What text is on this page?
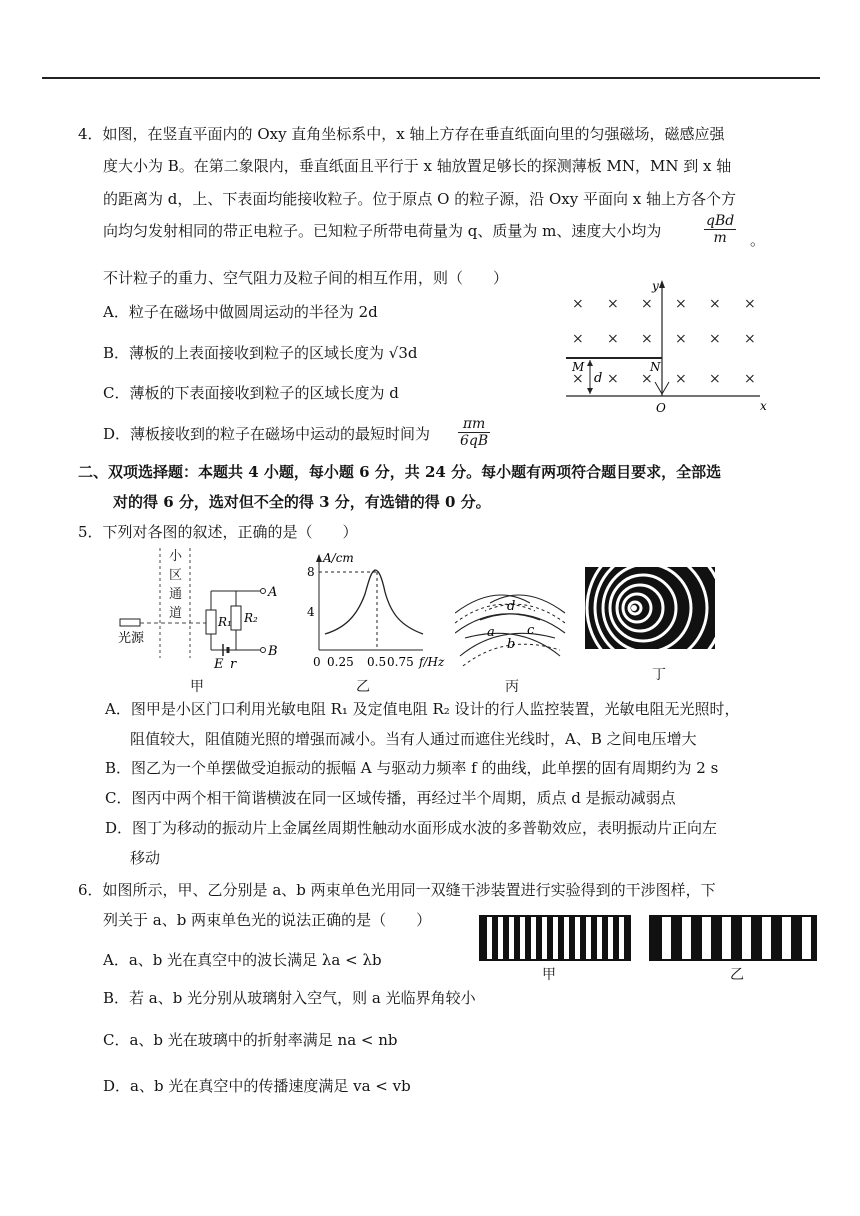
4．如图，在竖直平面内的 Oxy 直角坐标系中，x 轴上方存在垂直纸面向里的匀强磁场，磁感应强
度大小为 B。在第二象限内，垂直纸面且平行于 x 轴放置足够长的探测薄板 MN，MN 到 x 轴
的距离为 d，上、下表面均能接收粒子。位于原点 O 的粒子源，沿 Oxy 平面向 x 轴上方各个方
向均匀发射相同的带正电粒子。已知粒子所带电荷量为 q、质量为 m、速度大小均为
qBd
m	。
不计粒子的重力、空气阻力及粒子间的相互作用，则（　　）
A．粒子在磁场中做圆周运动的半径为 2d
B．薄板的上表面接收到粒子的区域长度为 √3d
C．薄板的下表面接收到粒子的区域长度为 d
D．薄板接收到的粒子在磁场中运动的最短时间为 $\frac{\pi m}{6qB}$
× × × × × ×
× × × × × ×
× × × × × ×
y
x
O
M	N
d
二、双项选择题：本题共 4 小题，每小题 6 分，共 24 分。每小题有两项符合题目要求，全部选
对的得 6 分，选对但不全的得 3 分，有选错的得 0 分。
5．下列对各图的叙述，正确的是（　　）
小
区
通
道
光源
R₁ R₂
A
B
E r
甲
A/cm
8
4
0 0.25 0.5 0.75 f/Hz
乙
d
a
b
c
丙
丁
A．图甲是小区门口利用光敏电阻 R₁ 及定值电阻 R₂ 设计的行人监控装置，光敏电阻无光照时，
阻值较大，阻值随光照的增强而减小。当有人通过而遮住光线时，A、B 之间电压增大
B．图乙为一个单摆做受迫振动的振幅 A 与驱动力频率 f 的曲线，此单摆的固有周期约为 2 s
C．图丙中两个相干简谐横波在同一区域传播，再经过半个周期，质点 d 是振动减弱点
D．图丁为移动的振动片上金属丝周期性触动水面形成水波的多普勒效应，表明振动片正向左
移动
6．如图所示，甲、乙分别是 a、b 两束单色光用同一双缝干涉装置进行实验得到的干涉图样，下
列关于 a、b 两束单色光的说法正确的是（　　）
甲	乙
A．a、b 光在真空中的波长满足 λa < λb
B．若 a、b 光分别从玻璃射入空气，则 a 光临界角较小
C．a、b 光在玻璃中的折射率满足 na < nb
D．a、b 光在真空中的传播速度满足 va < vb
